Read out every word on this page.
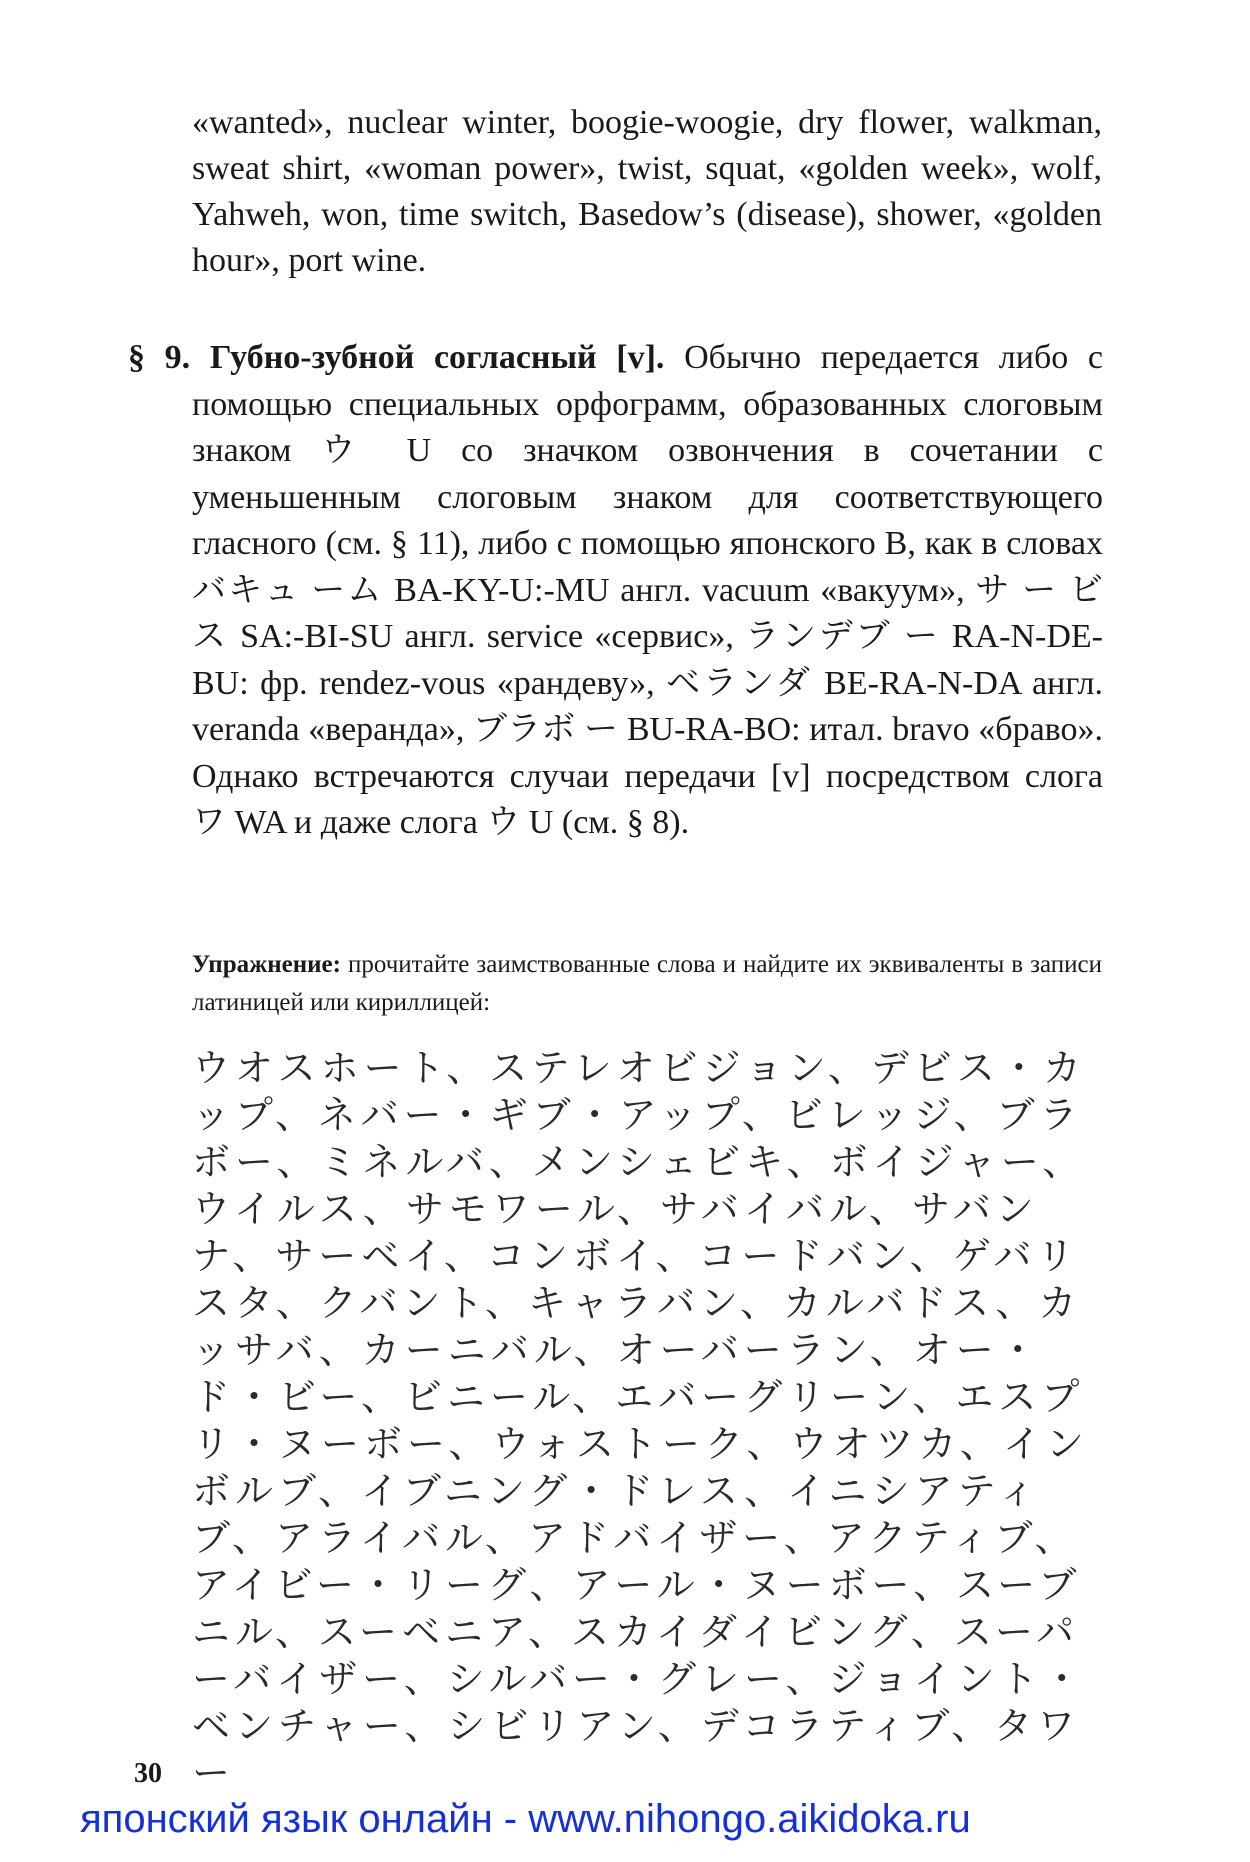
«wanted», nuclear winter, boogie-woogie, dry flower, walkman, sweat shirt, «woman power», twist, squat, «golden week», wolf, Yahweh, won, time switch, Basedow’s (disease), shower, «golden hour», port wine.

§ 9. Губно-зубной согласный [v]. Обычно передается либо с помощью специальных орфограмм, образованных слоговым знаком ウ U со значком озвончения в сочетании с уменьшенным слоговым знаком для соответствующего гласного (см. § 11), либо с помощью японского B, как в словах バキュ ーム BA-KY-U:-MU англ. vacuum «вакуум», サ ー ビス SA:-BI-SU англ. service «сервис», ランデブ ー RA-N-DE-BU: фр. rendez-vous «рандеву», ベランダ BE-RA-N-DA англ. veranda «веранда», ブラボ ー BU-RA-BO: итал. bravo «браво». Однако встречаются случаи передачи [v] посредством слога ワ WA и даже слога ウ U (см. § 8).

Упражнение: прочитайте заимствованные слова и найдите их эквиваленты в записи латиницей или кириллицей:

ウオスホート、ステレオビジョン、デビス・カップ、ネバー・ギブ・アップ、ビレッジ、ブラボー、ミネルバ、メンシェビキ、ボイジャー、ウイルス、サモワール、サバイバル、サバンナ、サーベイ、コンボイ、コードバン、ゲバリスタ、クバント、キャラバン、カルバドス、カッサバ、カーニバル、オーバーラン、オー・ド・ビー、ビニール、エバーグリーン、エスプリ・ヌーボー、ウォストーク、ウオツカ、インボルブ、イブニング・ドレス、イニシアティブ、アライバル、アドバイザー、アクティブ、アイビー・リーグ、アール・ヌーボー、スーブニル、スーベニア、スカイダイビング、スーパーバイザー、シルバー・グレー、ジョイント・ベンチャー、シビリアン、デコラティブ、タワー

30

японский язык онлайн - www.nihongo.aikidoka.ru
